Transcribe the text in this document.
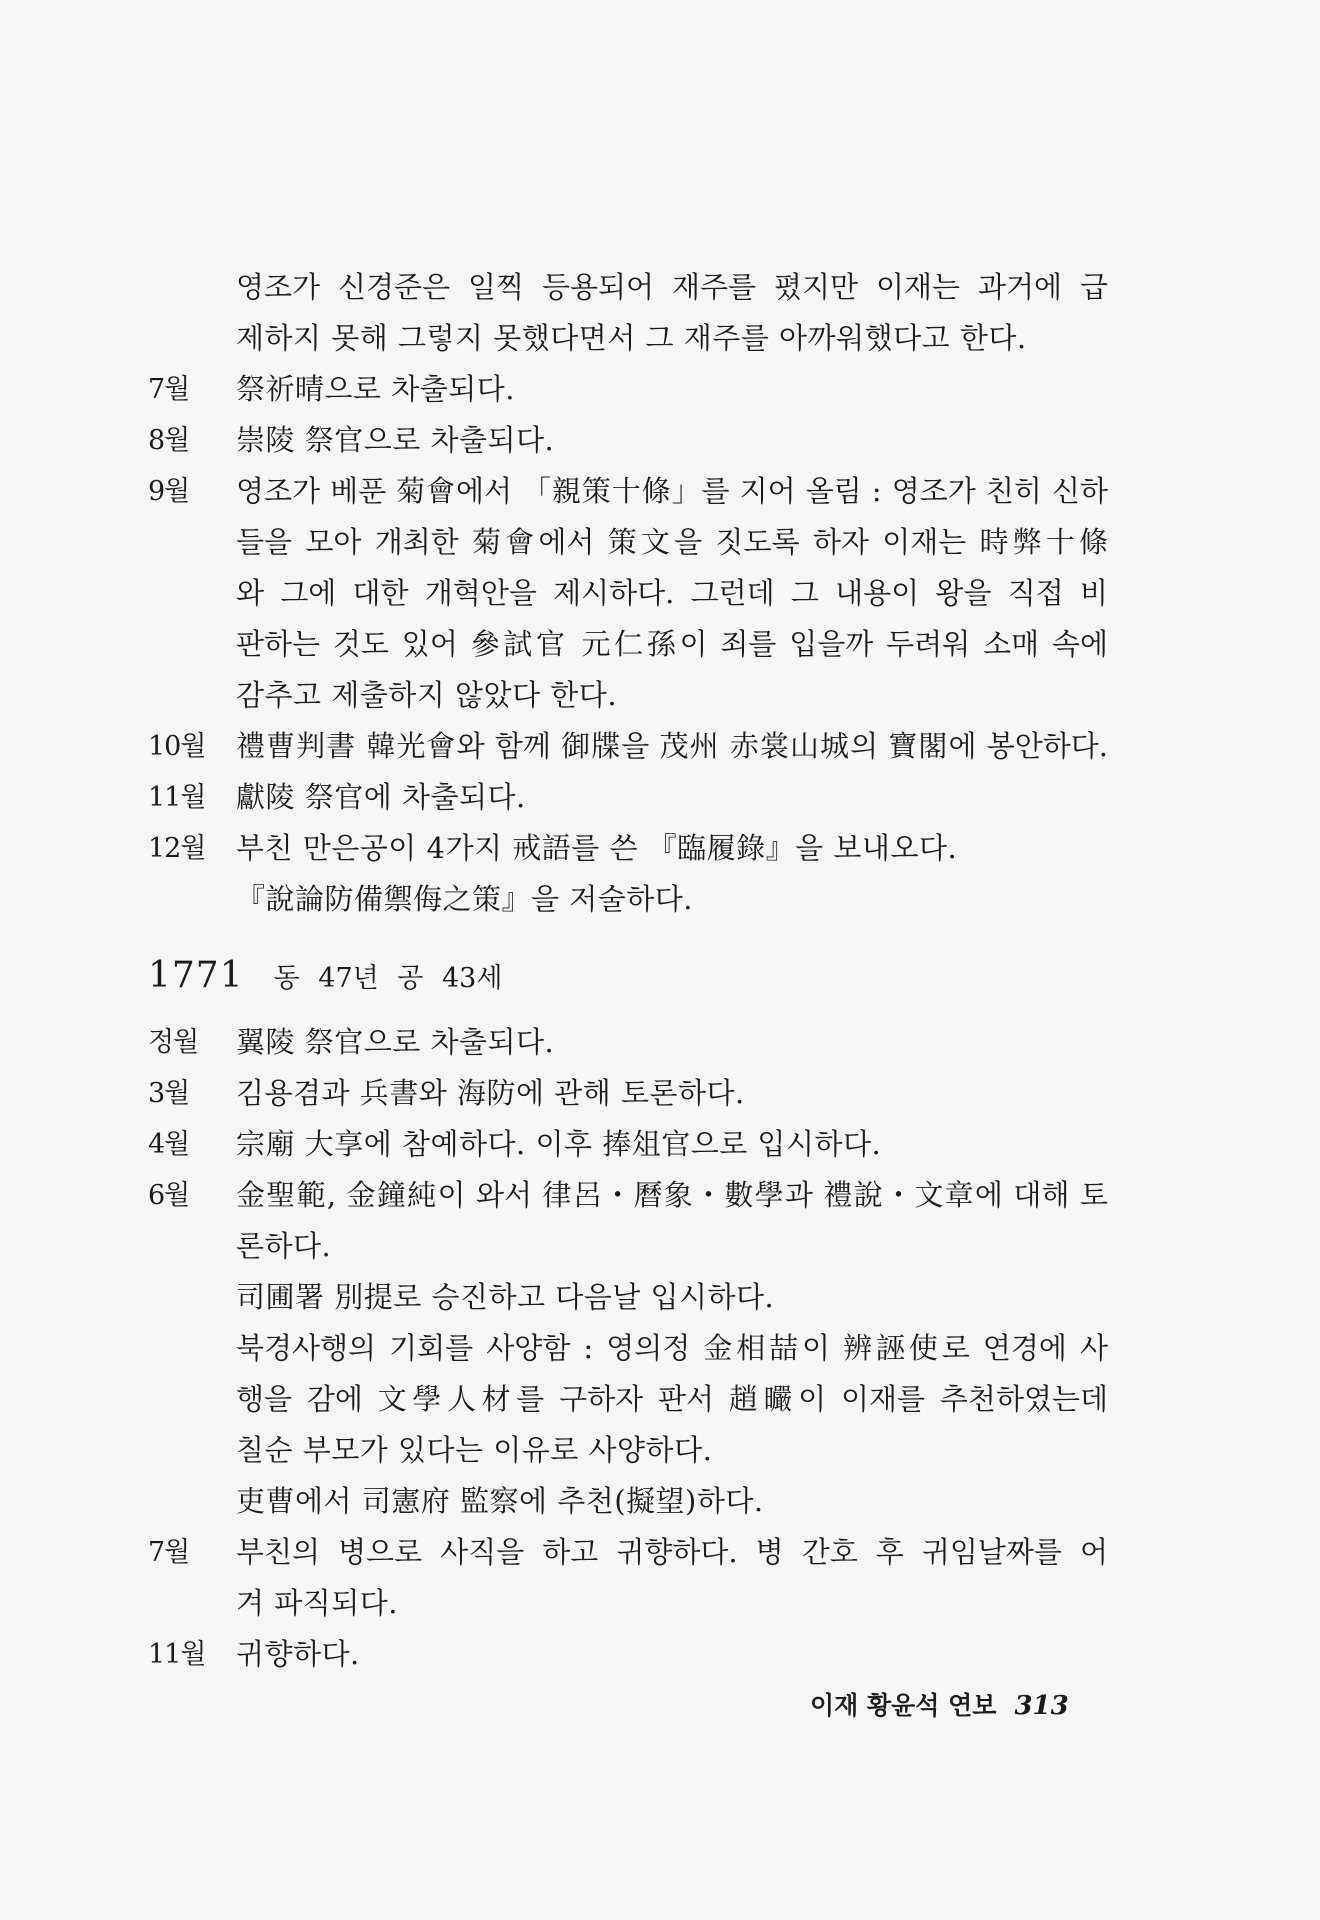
영조가 신경준은 일찍 등용되어 재주를 폈지만 이재는 과거에 급
제하지 못해 그렇지 못했다면서 그 재주를 아까워했다고 한다.
7월	祭祈晴으로 차출되다.
8월	崇陵 祭官으로 차출되다.
9월	영조가 베푼 菊會에서 「親策十條」를 지어 올림 : 영조가 친히 신하
들을 모아 개최한 菊會에서 策文을 짓도록 하자 이재는 時弊十條
와 그에 대한 개혁안을 제시하다. 그런데 그 내용이 왕을 직접 비
판하는 것도 있어 參試官 元仁孫이 죄를 입을까 두려워 소매 속에
감추고 제출하지 않았다 한다.
10월	禮曹判書 韓光會와 함께 御牒을 茂州 赤裳山城의 寶閣에 봉안하다.
11월	獻陵 祭官에 차출되다.
12월	부친 만은공이 4가지 戒語를 쓴 『臨履錄』을 보내오다.
『說論防備禦侮之策』을 저술하다.
1771 동 47년 공 43세
정월	翼陵 祭官으로 차출되다.
3월	김용겸과 兵書와 海防에 관해 토론하다.
4월	宗廟 大享에 참예하다. 이후 捧俎官으로 입시하다.
6월	金聖範, 金鐘純이 와서 律呂・曆象・數學과 禮說・文章에 대해 토
론하다.
司圃署 別提로 승진하고 다음날 입시하다.
북경사행의 기회를 사양함 : 영의정 金相喆이 辨誣使로 연경에 사
행을 감에 文學人材를 구하자 판서 趙曮이 이재를 추천하였는데
칠순 부모가 있다는 이유로 사양하다.
吏曹에서 司憲府 監察에 추천(擬望)하다.
7월	부친의 병으로 사직을 하고 귀향하다. 병 간호 후 귀임날짜를 어
겨 파직되다.
11월	귀향하다.
이재 황윤석 연보 313
